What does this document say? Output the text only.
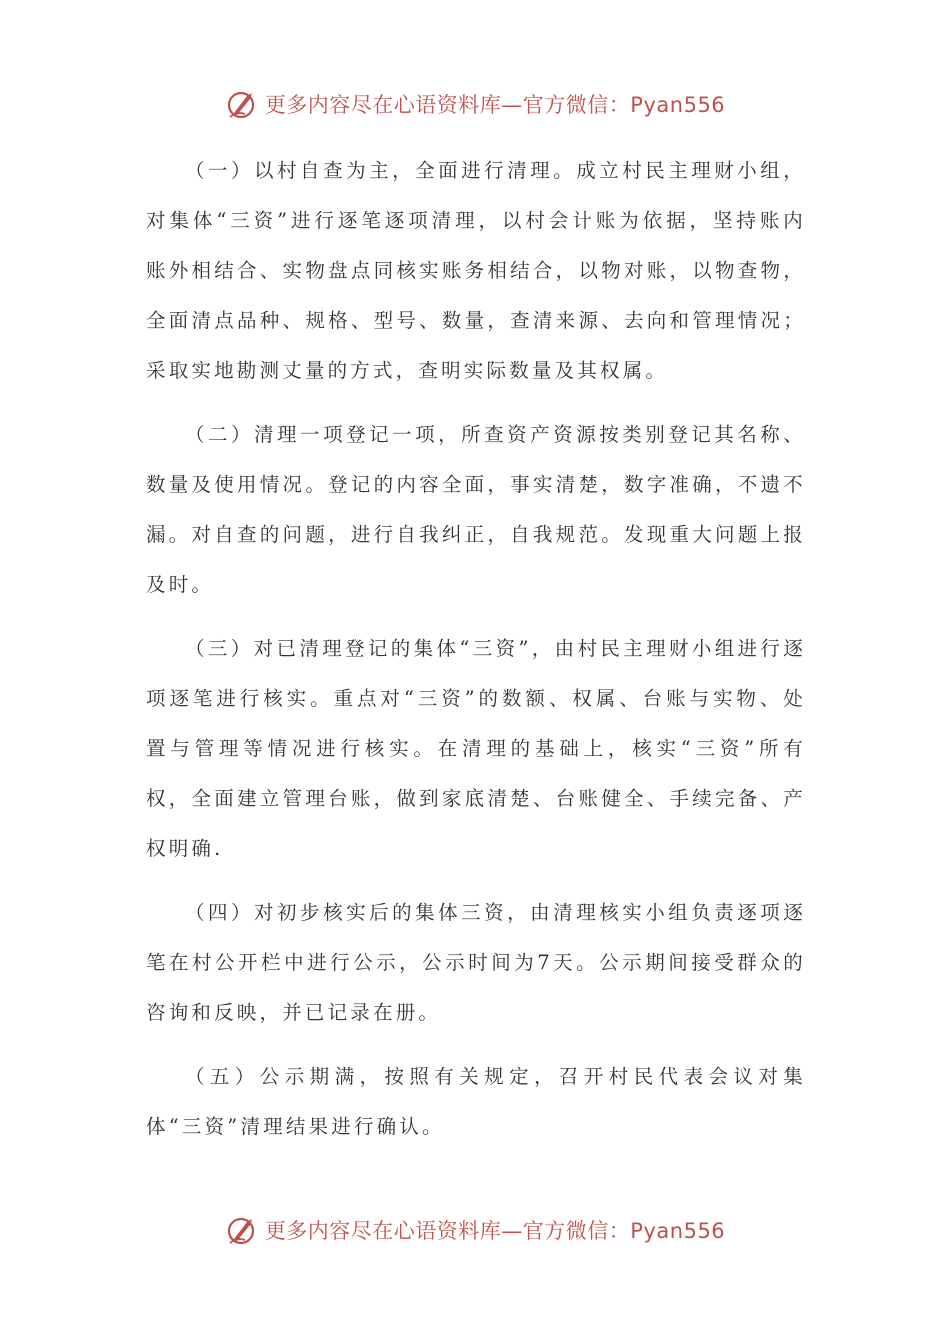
更多内容尽在心语资料库—官方微信：Pyan556

（一）以村自查为主，全面进行清理。成立村民主理财小组，对集体“三资”进行逐笔逐项清理，以村会计账为依据，坚持账内账外相结合、实物盘点同核实账务相结合，以物对账，以物查物，全面清点品种、规格、型号、数量，查清来源、去向和管理情况；采取实地勘测丈量的方式，查明实际数量及其权属。

（二）清理一项登记一项，所查资产资源按类别登记其名称、数量及使用情况。登记的内容全面，事实清楚，数字准确，不遗不漏。对自查的问题，进行自我纠正，自我规范。发现重大问题上报及时。

（三）对已清理登记的集体“三资”，由村民主理财小组进行逐项逐笔进行核实。重点对“三资”的数额、权属、台账与实物、处置与管理等情况进行核实。在清理的基础上，核实“三资”所有权，全面建立管理台账，做到家底清楚、台账健全、手续完备、产权明确.

（四）对初步核实后的集体三资，由清理核实小组负责逐项逐笔在村公开栏中进行公示，公示时间为7天。公示期间接受群众的咨询和反映，并已记录在册。

（五）公示期满，按照有关规定，召开村民代表会议对集体“三资”清理结果进行确认。

更多内容尽在心语资料库—官方微信：Pyan556
